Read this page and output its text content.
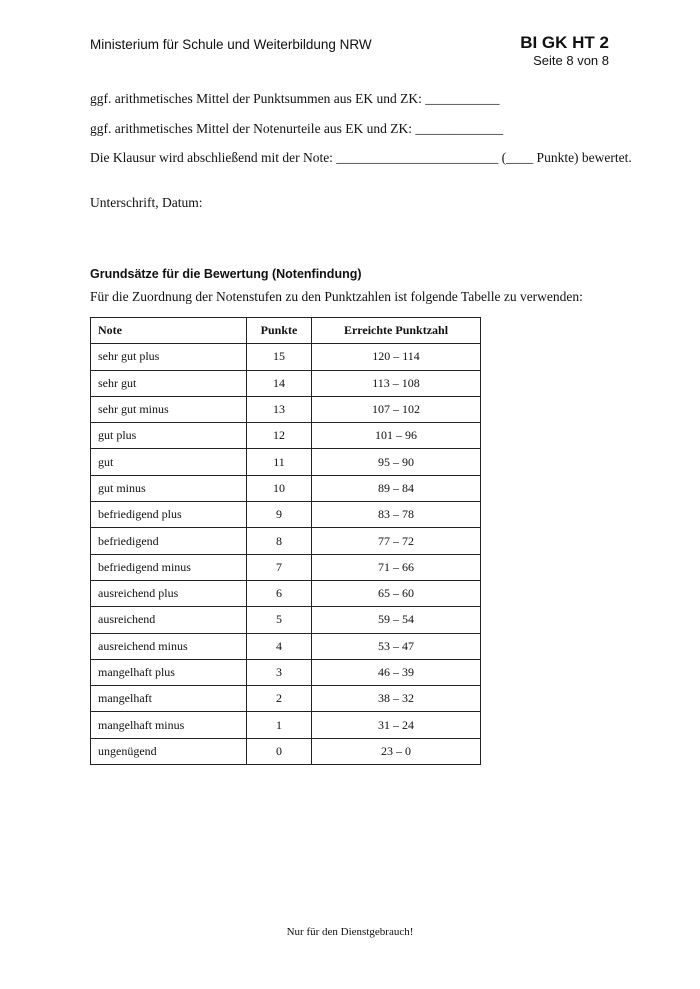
Ministerium für Schule und Weiterbildung NRW	BI GK HT 2
Seite 8 von 8
ggf. arithmetisches Mittel der Punktsummen aus EK und ZK: ___________
ggf. arithmetisches Mittel der Notenurteile aus EK und ZK: _____________
Die Klausur wird abschließend mit der Note: ________________________ (____ Punkte) bewertet.
Unterschrift, Datum:
Grundsätze für die Bewertung (Notenfindung)
Für die Zuordnung der Notenstufen zu den Punktzahlen ist folgende Tabelle zu verwenden:
Note	Punkte	Erreichte Punktzahl
sehr gut plus	15	120 – 114
sehr gut	14	113 – 108
sehr gut minus	13	107 – 102
gut plus	12	101 – 96
gut	11	95 – 90
gut minus	10	89 – 84
befriedigend plus	9	83 – 78
befriedigend	8	77 – 72
befriedigend minus	7	71 – 66
ausreichend plus	6	65 – 60
ausreichend	5	59 – 54
ausreichend minus	4	53 – 47
mangelhaft plus	3	46 – 39
mangelhaft	2	38 – 32
mangelhaft minus	1	31 – 24
ungenügend	0	23 – 0
Nur für den Dienstgebrauch!
